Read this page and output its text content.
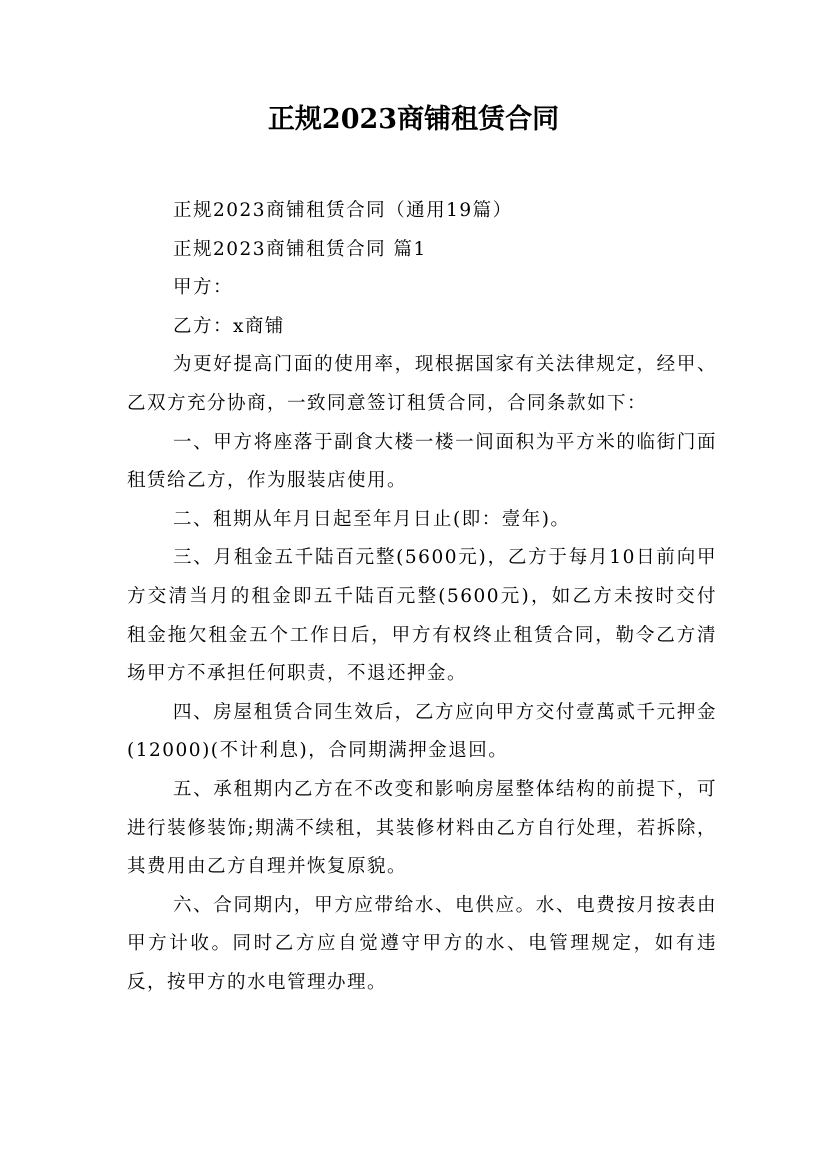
正规2023商铺租赁合同

正规2023商铺租赁合同（通用19篇）

正规2023商铺租赁合同 篇1

甲方：

乙方：x商铺

为更好提高门面的使用率，现根据国家有关法律规定，经甲、乙双方充分协商，一致同意签订租赁合同，合同条款如下：

一、甲方将座落于副食大楼一楼一间面积为平方米的临街门面租赁给乙方，作为服装店使用。

二、租期从年月日起至年月日止(即：壹年)。

三、月租金五千陆百元整(5600元)，乙方于每月10日前向甲方交清当月的租金即五千陆百元整(5600元)，如乙方未按时交付租金拖欠租金五个工作日后，甲方有权终止租赁合同，勒令乙方清场甲方不承担任何职责，不退还押金。

四、房屋租赁合同生效后，乙方应向甲方交付壹萬贰千元押金(12000)(不计利息)，合同期满押金退回。

五、承租期内乙方在不改变和影响房屋整体结构的前提下，可进行装修装饰;期满不续租，其装修材料由乙方自行处理，若拆除，其费用由乙方自理并恢复原貌。

六、合同期内，甲方应带给水、电供应。水、电费按月按表由甲方计收。同时乙方应自觉遵守甲方的水、电管理规定，如有违反，按甲方的水电管理办理。
